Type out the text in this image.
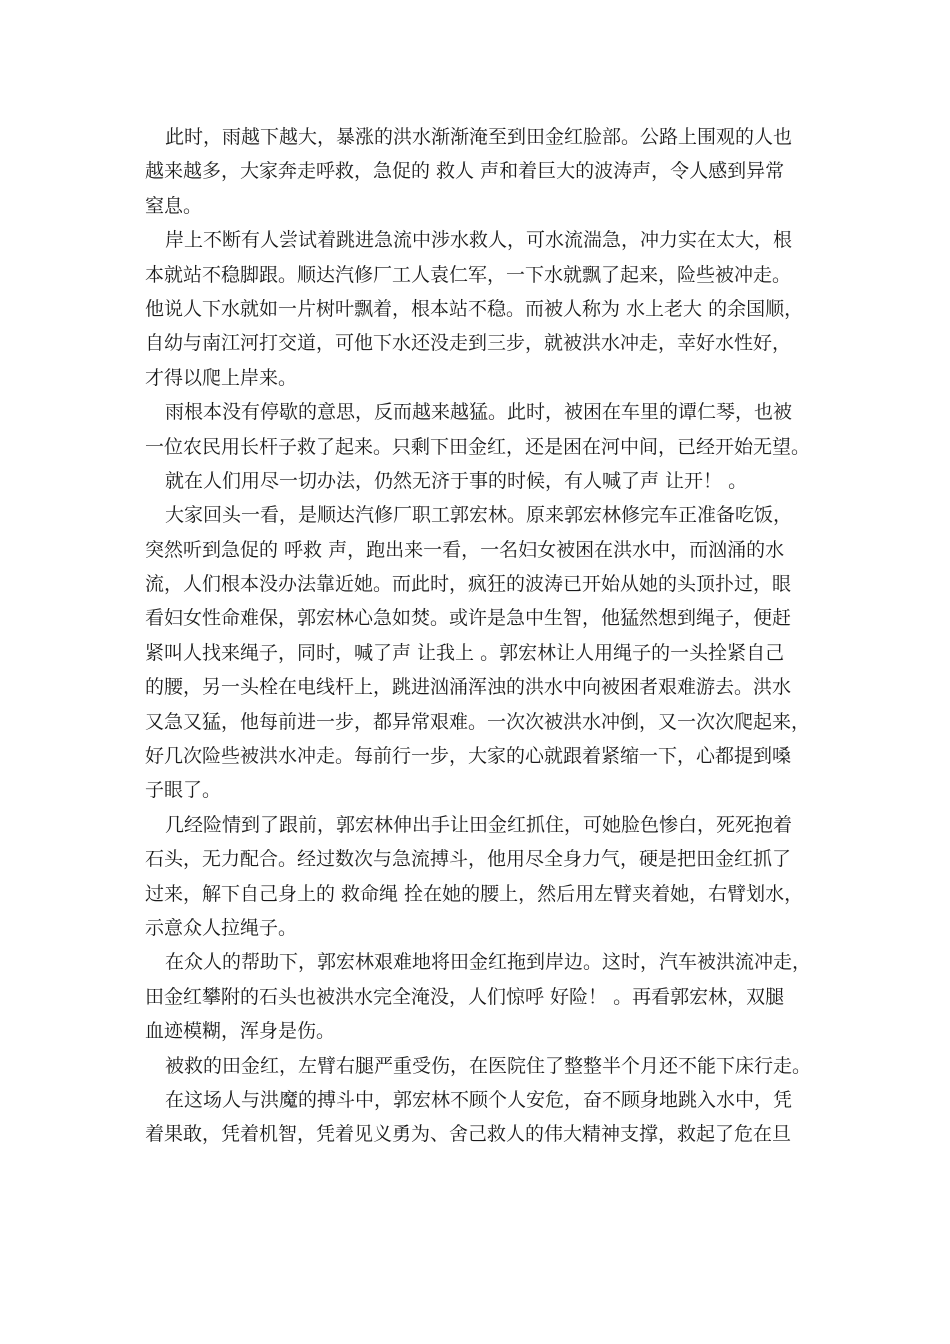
此时，雨越下越大，暴涨的洪水渐渐淹至到田金红脸部。公路上围观的人也
越来越多，大家奔走呼救，急促的 救人 声和着巨大的波涛声，令人感到异常
窒息。
岸上不断有人尝试着跳进急流中涉水救人，可水流湍急，冲力实在太大，根
本就站不稳脚跟。顺达汽修厂工人袁仁军，一下水就飘了起来，险些被冲走。
他说人下水就如一片树叶飘着，根本站不稳。而被人称为 水上老大 的余国顺，
自幼与南江河打交道，可他下水还没走到三步，就被洪水冲走，幸好水性好，
才得以爬上岸来。
雨根本没有停歇的意思，反而越来越猛。此时，被困在车里的谭仁琴，也被
一位农民用长杆子救了起来。只剩下田金红，还是困在河中间，已经开始无望。
就在人们用尽一切办法，仍然无济于事的时候，有人喊了声 让开！ 。
大家回头一看，是顺达汽修厂职工郭宏林。原来郭宏林修完车正准备吃饭，
突然听到急促的 呼救 声，跑出来一看，一名妇女被困在洪水中，而汹涌的水
流，人们根本没办法靠近她。而此时，疯狂的波涛已开始从她的头顶扑过，眼
看妇女性命难保，郭宏林心急如焚。或许是急中生智，他猛然想到绳子，便赶
紧叫人找来绳子，同时，喊了声 让我上 。郭宏林让人用绳子的一头拴紧自己
的腰，另一头栓在电线杆上，跳进汹涌浑浊的洪水中向被困者艰难游去。洪水
又急又猛，他每前进一步，都异常艰难。一次次被洪水冲倒，又一次次爬起来，
好几次险些被洪水冲走。每前行一步，大家的心就跟着紧缩一下，心都提到嗓
子眼了。
几经险情到了跟前，郭宏林伸出手让田金红抓住，可她脸色惨白，死死抱着
石头，无力配合。经过数次与急流搏斗，他用尽全身力气，硬是把田金红抓了
过来，解下自己身上的 救命绳 拴在她的腰上，然后用左臂夹着她，右臂划水，
示意众人拉绳子。
在众人的帮助下，郭宏林艰难地将田金红拖到岸边。这时，汽车被洪流冲走，
田金红攀附的石头也被洪水完全淹没，人们惊呼 好险！ 。再看郭宏林，双腿
血迹模糊，浑身是伤。
被救的田金红，左臂右腿严重受伤，在医院住了整整半个月还不能下床行走。
在这场人与洪魔的搏斗中，郭宏林不顾个人安危，奋不顾身地跳入水中，凭
着果敢，凭着机智，凭着见义勇为、舍己救人的伟大精神支撑，救起了危在旦
